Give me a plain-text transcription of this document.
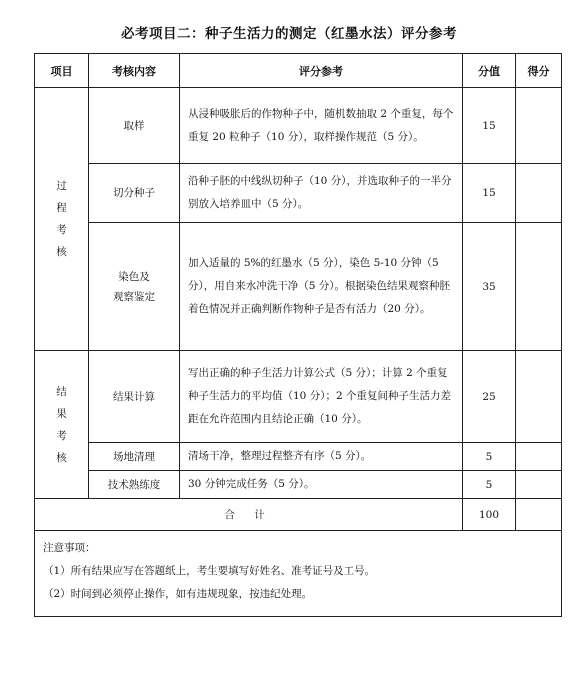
必考项目二：种子生活力的测定（红墨水法）评分参考
项目	考核内容	评分参考	分值	得分

过
程
考
核	取样	从浸种吸胀后的作物种子中，随机数抽取 2 个重复，每个重复 20 粒种子（10 分），取样操作规范（5 分）。	15	

	切分种子	沿种子胚的中线纵切种子（10 分），并选取种子的一半分别放入培养皿中（5 分）。	15	

	染色及
观察鉴定	加入适量的 5%的红墨水（5 分），染色 5-10 分钟（5 分），用自来水冲洗干净（5 分）。根据染色结果观察种胚着色情况并正确判断作物种子是否有活力（20 分）。	35	

结
果
考
核	结果计算	写出正确的种子生活力计算公式（5 分）；计算 2 个重复种子生活力的平均值（10 分）；2 个重复间种子生活力差距在允许范围内且结论正确（10 分）。	25	

	场地清理	清场干净，整理过程整齐有序（5 分）。	5	

	技术熟练度	30 分钟完成任务（5 分）。	5	
合 计			100	

注意事项：
（1）所有结果应写在答题纸上，考生要填写好姓名、准考证号及工号。
（2）时间到必须停止操作，如有违规现象，按违纪处理。				
